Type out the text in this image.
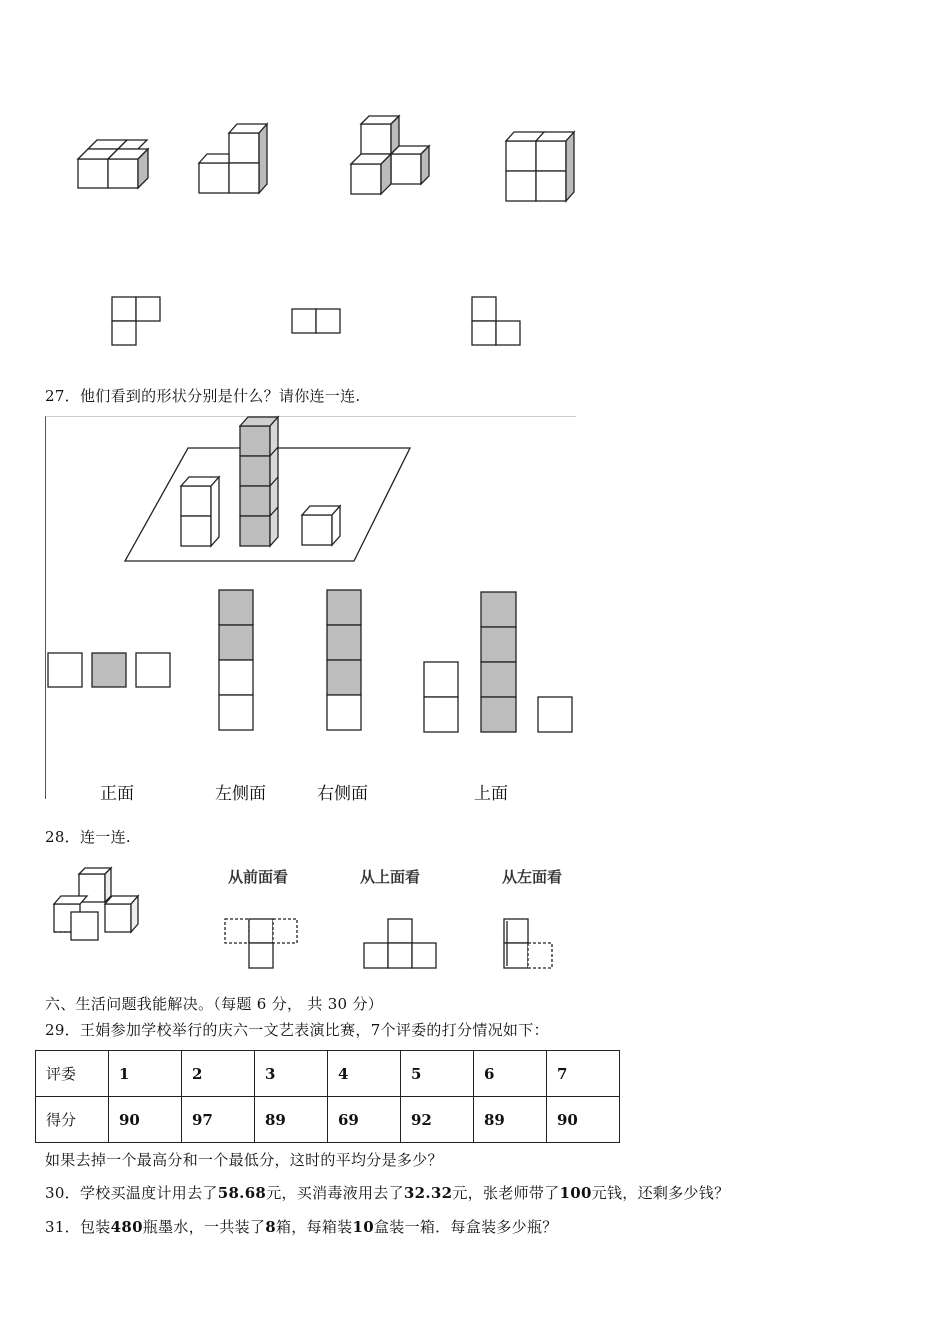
27．他们看到的形状分别是什么？请你连一连.
正面	左侧面	右侧面	上面
28．连一连.
从前面看	从上面看	从左面看
六、生活问题我能解决。（每题 6 分， 共 30 分）
29．王娟参加学校举行的庆六一文艺表演比赛，7个评委的打分情况如下：
评委	1	2	3	4	5	6	7
得分	90	97	89	69	92	89	90
如果去掉一个最高分和一个最低分，这时的平均分是多少？
30．学校买温度计用去了58.68元，买消毒液用去了32.32元，张老师带了100元钱，还剩多少钱？
31．包装480瓶墨水，一共装了8箱，每箱装10盒装一箱．每盒装多少瓶？
